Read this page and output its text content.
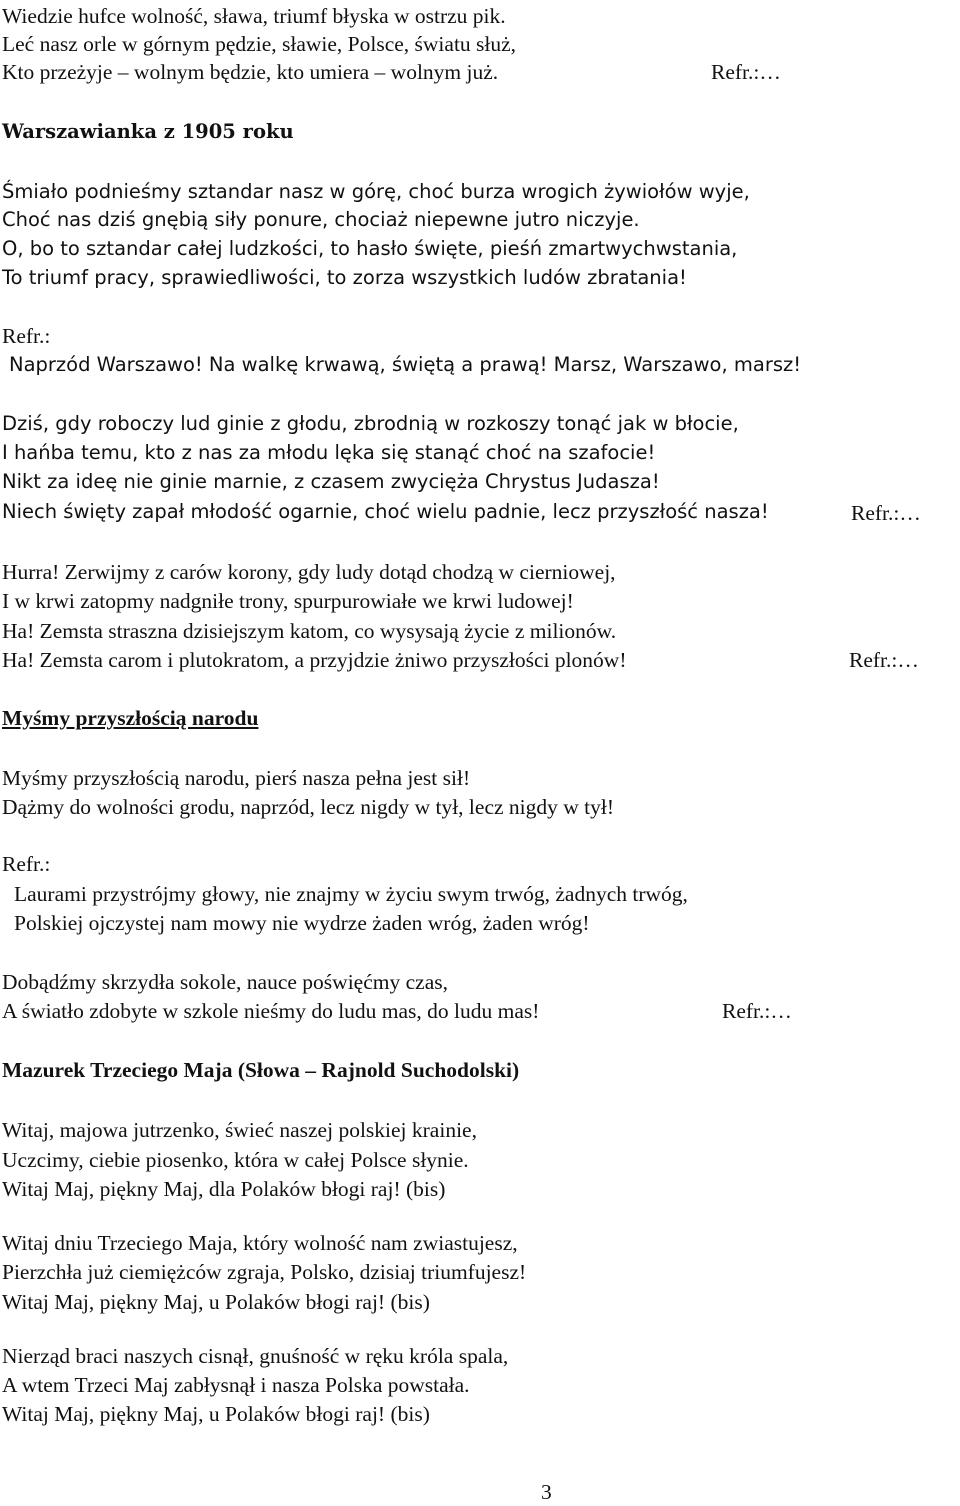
Wiedzie hufce wolność, sława, triumf błyska w ostrzu pik.
Leć nasz orle w górnym pędzie, sławie, Polsce, światu służ,
Kto przeżyje – wolnym będzie, kto umiera – wolnym już.	Refr.:…
Warszawianka z 1905 roku
Śmiało podnieśmy sztandar nasz w górę, choć burza wrogich żywiołów wyje,
Choć nas dziś gnębią siły ponure, chociaż niepewne jutro niczyje.
O, bo to sztandar całej ludzkości, to hasło święte, pieśń zmartwychwstania,
To triumf pracy, sprawiedliwości, to zorza wszystkich ludów zbratania!
Refr.:
Naprzód Warszawo! Na walkę krwawą, świętą a prawą! Marsz, Warszawo, marsz!
Dziś, gdy roboczy lud ginie z głodu, zbrodnią w rozkoszy tonąć jak w błocie,
I hańba temu, kto z nas za młodu lęka się stanąć choć na szafocie!
Nikt za ideę nie ginie marnie, z czasem zwycięża Chrystus Judasza!
Niech święty zapał młodość ogarnie, choć wielu padnie, lecz przyszłość nasza!	Refr.:…
Hurra! Zerwijmy z carów korony, gdy ludy dotąd chodzą w cierniowej,
I w krwi zatopmy nadgniłe trony, spurpurowiałe we krwi ludowej!
Ha! Zemsta straszna dzisiejszym katom, co wysysają życie z milionów.
Ha! Zemsta carom i plutokratom, a przyjdzie żniwo przyszłości plonów!	Refr.:…
Myśmy przyszłością narodu
Myśmy przyszłością narodu, pierś nasza pełna jest sił!
Dążmy do wolności grodu, naprzód, lecz nigdy w tył, lecz nigdy w tył!
Refr.:
Laurami przystrójmy głowy, nie znajmy w życiu swym trwóg, żadnych trwóg,
Polskiej ojczystej nam mowy nie wydrze żaden wróg, żaden wróg!
Dobądźmy skrzydła sokole, nauce poświęćmy czas,
A światło zdobyte w szkole nieśmy do ludu mas, do ludu mas!	Refr.:…
Mazurek Trzeciego Maja (Słowa – Rajnold Suchodolski)
Witaj, majowa jutrzenko, świeć naszej polskiej krainie,
Uczcimy, ciebie piosenko, która w całej Polsce słynie.
Witaj Maj, piękny Maj, dla Polaków błogi raj! (bis)
Witaj dniu Trzeciego Maja, który wolność nam zwiastujesz,
Pierzchła już ciemiężców zgraja, Polsko, dzisiaj triumfujesz!
Witaj Maj, piękny Maj, u Polaków błogi raj! (bis)
Nierząd braci naszych cisnął, gnuśność w ręku króla spala,
A wtem Trzeci Maj zabłysnął i nasza Polska powstała.
Witaj Maj, piękny Maj, u Polaków błogi raj! (bis)
3
